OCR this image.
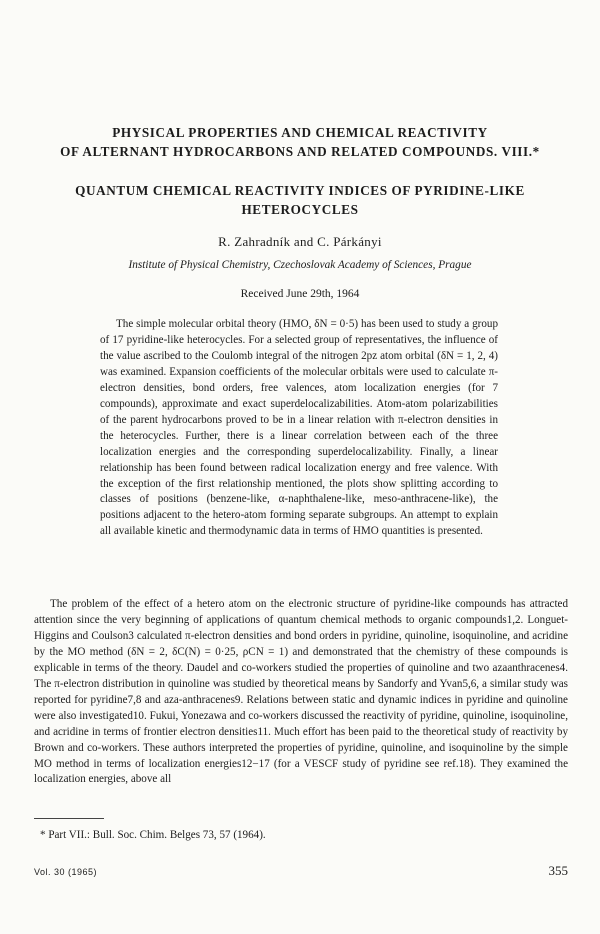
PHYSICAL PROPERTIES AND CHEMICAL REACTIVITY
OF ALTERNANT HYDROCARBONS AND RELATED COMPOUNDS. VIII.*
QUANTUM CHEMICAL REACTIVITY INDICES OF PYRIDINE-LIKE
HETEROCYCLES
R. Zahradník and C. Párkányi
Institute of Physical Chemistry, Czechoslovak Academy of Sciences, Prague
Received June 29th, 1964
The simple molecular orbital theory (HMO, δN = 0·5) has been used to study a group of 17 pyridine-like heterocycles. For a selected group of representatives, the influence of the value ascribed to the Coulomb integral of the nitrogen 2pz atom orbital (δN = 1, 2, 4) was examined. Expansion coefficients of the molecular orbitals were used to calculate π-electron densities, bond orders, free valences, atom localization energies (for 7 compounds), approximate and exact superdelocalizabilities. Atom-atom polarizabilities of the parent hydrocarbons proved to be in a linear relation with π-electron densities in the heterocycles. Further, there is a linear correlation between each of the three localization energies and the corresponding superdelocalizability. Finally, a linear relationship has been found between radical localization energy and free valence. With the exception of the first relationship mentioned, the plots show splitting according to classes of positions (benzene-like, α-naphthalene-like, meso-anthracene-like), the positions adjacent to the hetero-atom forming separate subgroups. An attempt to explain all available kinetic and thermodynamic data in terms of HMO quantities is presented.
The problem of the effect of a hetero atom on the electronic structure of pyridine-like compounds has attracted attention since the very beginning of applications of quantum chemical methods to organic compounds1,2. Longuet-Higgins and Coulson3 calculated π-electron densities and bond orders in pyridine, quinoline, isoquinoline, and acridine by the MO method (δN = 2, δC(N) = 0·25, ρCN = 1) and demonstrated that the chemistry of these compounds is explicable in terms of the theory. Daudel and co-workers studied the properties of quinoline and two azaanthracenes4. The π-electron distribution in quinoline was studied by theoretical means by Sandorfy and Yvan5,6, a similar study was reported for pyridine7,8 and aza-anthracenes9. Relations between static and dynamic indices in pyridine and quinoline were also investigated10. Fukui, Yonezawa and co-workers discussed the reactivity of pyridine, quinoline, isoquinoline, and acridine in terms of frontier electron densities11. Much effort has been paid to the theoretical study of reactivity by Brown and co-workers. These authors interpreted the properties of pyridine, quinoline, and isoquinoline by the simple MO method in terms of localization energies12−17 (for a VESCF study of pyridine see ref.18). They examined the localization energies, above all
* Part VII.: Bull. Soc. Chim. Belges 73, 57 (1964).
Vol. 30 (1965)	355
